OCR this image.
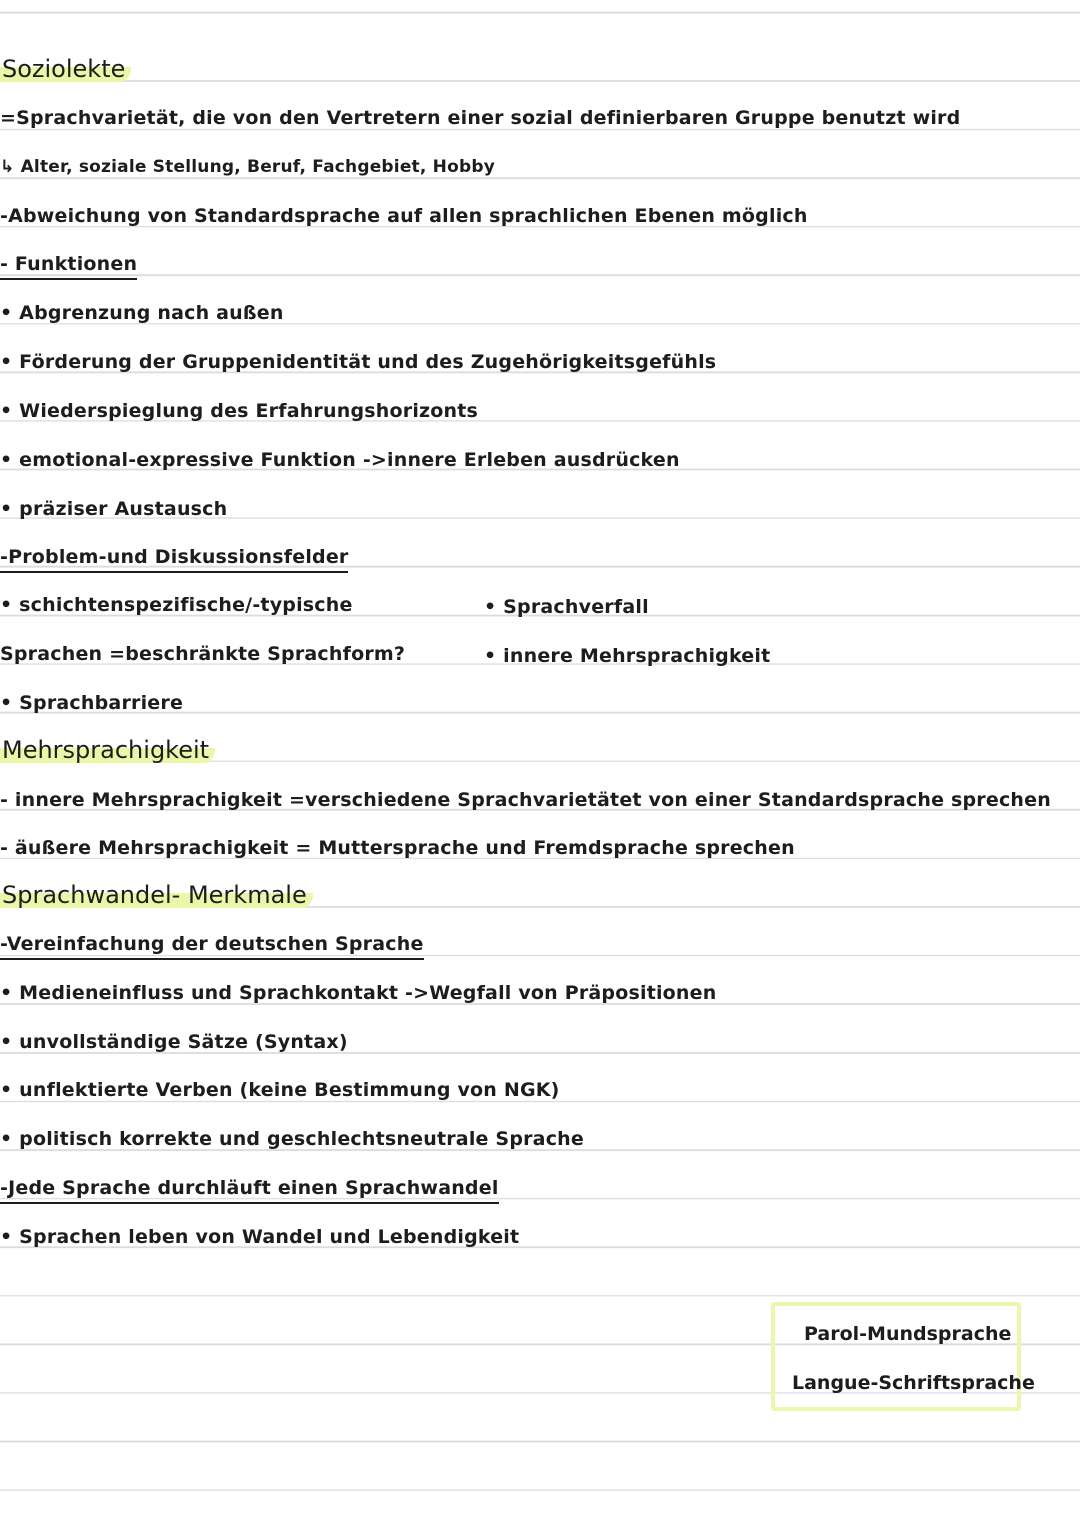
Soziolekte
=Sprachvarietät, die von den Vertretern einer sozial definierbaren Gruppe benutzt wird
↳ Alter, soziale Stellung, Beruf, Fachgebiet, Hobby
-Abweichung von Standardsprache auf allen sprachlichen Ebenen möglich
- Funktionen
• Abgrenzung nach außen
• Förderung der Gruppenidentität und des Zugehörigkeitsgefühls
• Wiederspieglung des Erfahrungshorizonts
• emotional-expressive Funktion ->innere Erleben ausdrücken
• präziser Austausch
-Problem-und Diskussionsfelder
• schichtenspezifische/-typische
Sprachen =beschränkte Sprachform?
• Sprachbarriere
• Sprachverfall
• innere Mehrsprachigkeit
Mehrsprachigkeit
- innere Mehrsprachigkeit =verschiedene Sprachvarietätet von einer Standardsprache sprechen
- äußere Mehrsprachigkeit = Muttersprache und Fremdsprache sprechen
Sprachwandel- Merkmale
-Vereinfachung der deutschen Sprache
• Medieneinfluss und Sprachkontakt ->Wegfall von Präpositionen
• unvollständige Sätze (Syntax)
• unflektierte Verben (keine Bestimmung von NGK)
• politisch korrekte und geschlechtsneutrale Sprache
-Jede Sprache durchläuft einen Sprachwandel
• Sprachen leben von Wandel und Lebendigkeit
Parol-Mundsprache
Langue-Schriftsprache
